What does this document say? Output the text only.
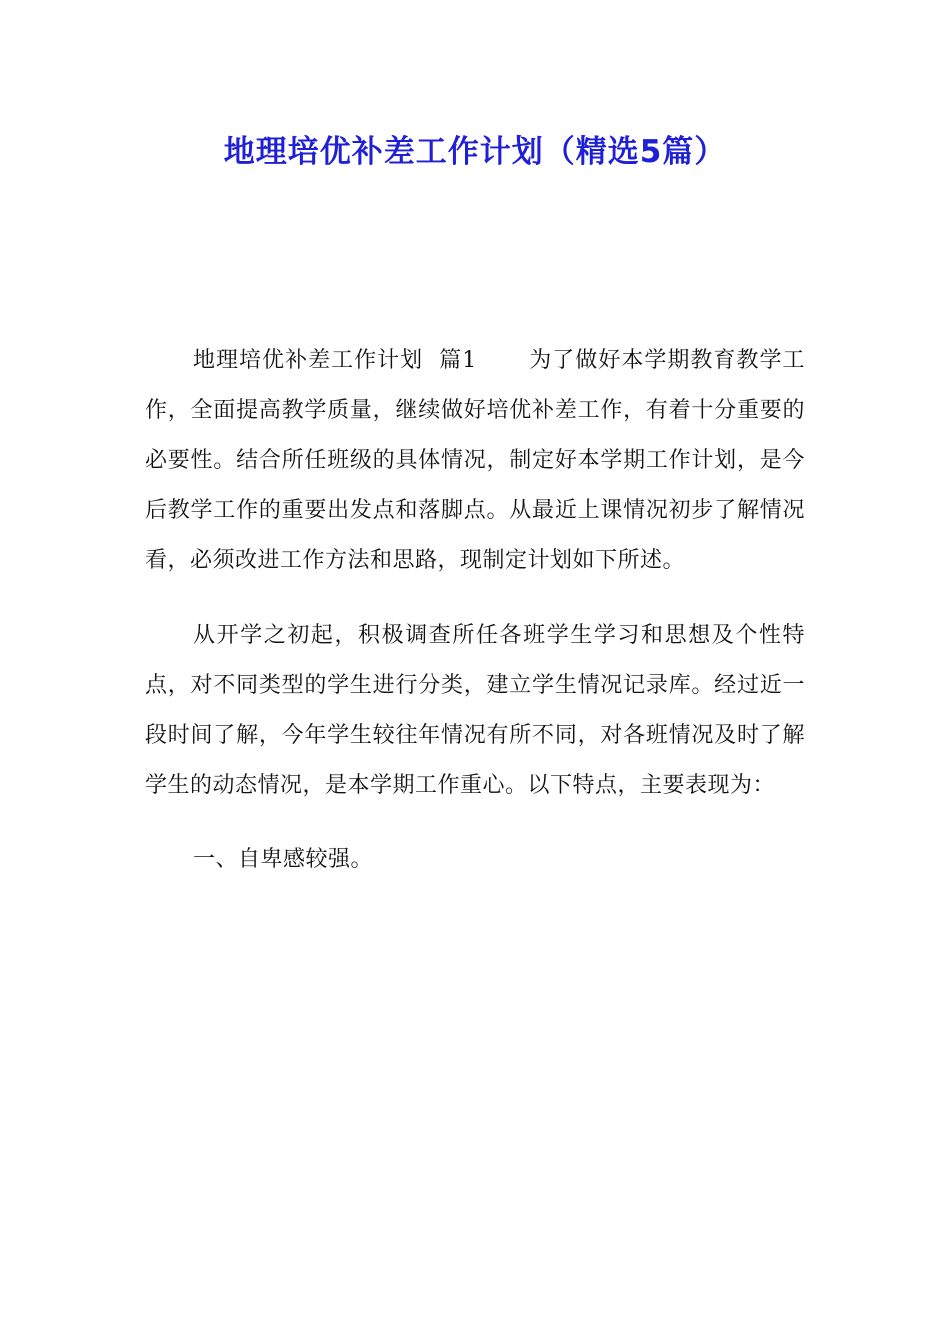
地理培优补差工作计划（精选5篇）

地理培优补差工作计划  篇1 为了做好本学期教育教学工作，全面提高教学质量，继续做好培优补差工作，有着十分重要的必要性。结合所任班级的具体情况，制定好本学期工作计划，是今后教学工作的重要出发点和落脚点。从最近上课情况初步了解情况看，必须改进工作方法和思路，现制定计划如下所述。

从开学之初起，积极调查所任各班学生学习和思想及个性特点，对不同类型的学生进行分类，建立学生情况记录库。经过近一段时间了解，今年学生较往年情况有所不同，对各班情况及时了解学生的动态情况，是本学期工作重心。以下特点，主要表现为：

一、自卑感较强。
